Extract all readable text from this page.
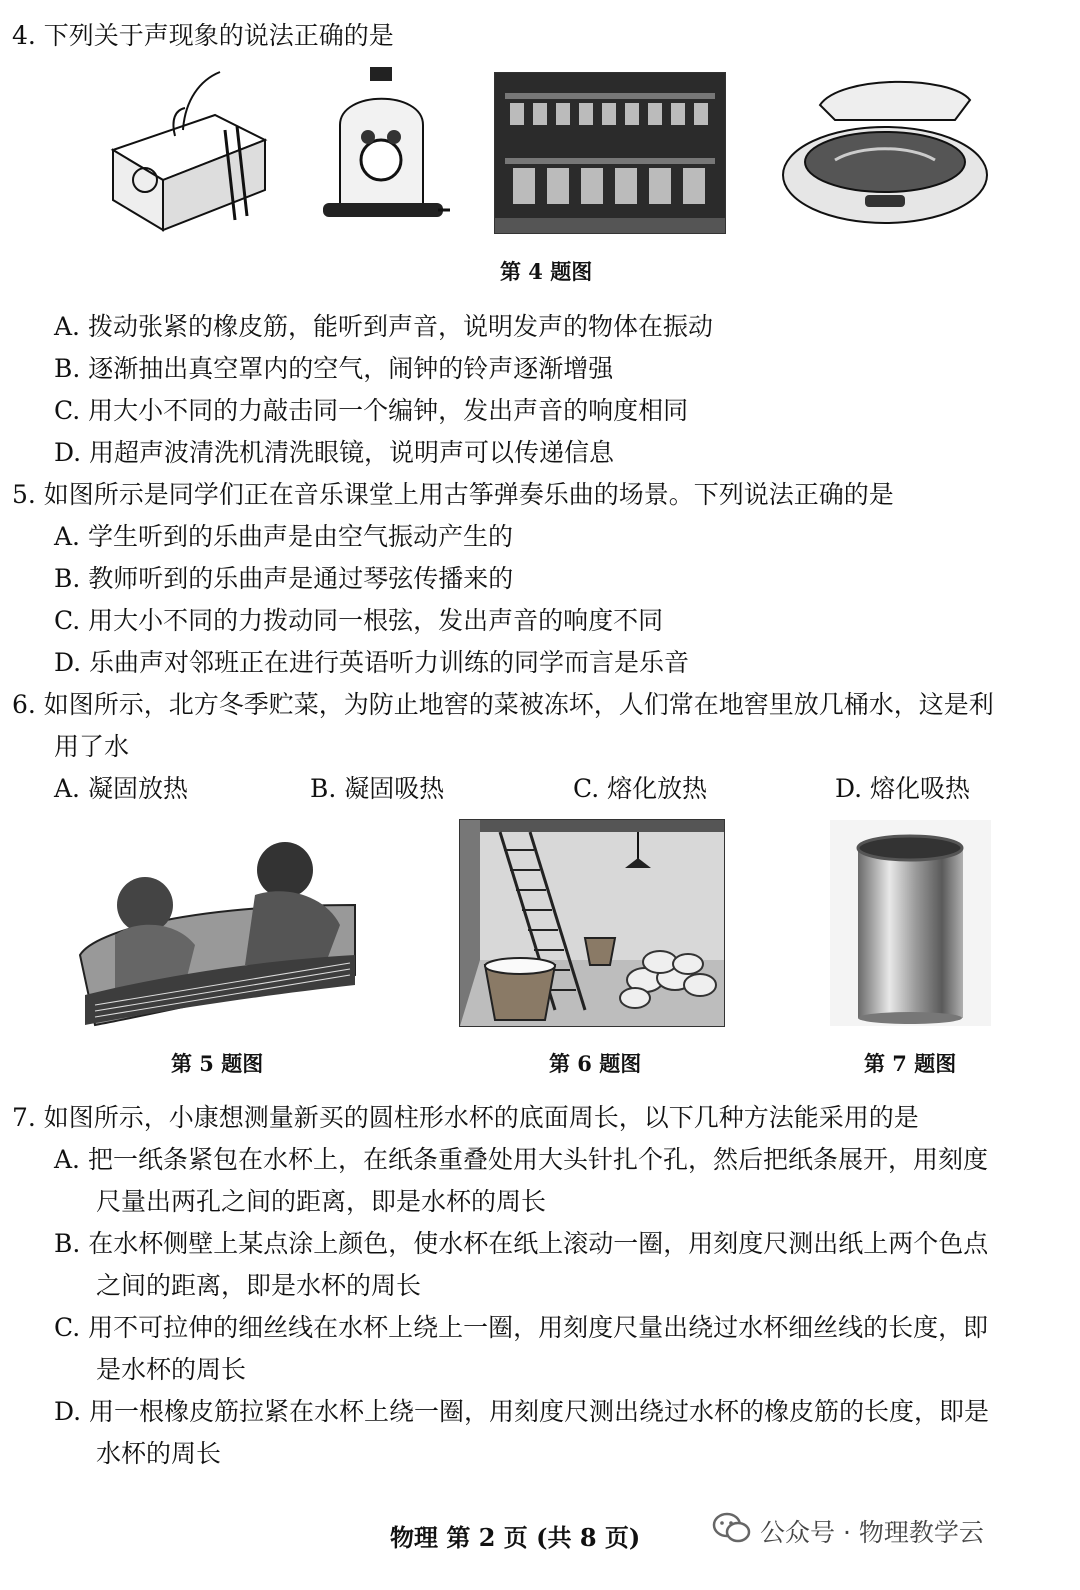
4. 下列关于声现象的说法正确的是
第 4 题图
A. 拨动张紧的橡皮筋，能听到声音，说明发声的物体在振动
B. 逐渐抽出真空罩内的空气，闹钟的铃声逐渐增强
C. 用大小不同的力敲击同一个编钟，发出声音的响度相同
D. 用超声波清洗机清洗眼镜，说明声可以传递信息
5. 如图所示是同学们正在音乐课堂上用古筝弹奏乐曲的场景。下列说法正确的是
A. 学生听到的乐曲声是由空气振动产生的
B. 教师听到的乐曲声是通过琴弦传播来的
C. 用大小不同的力拨动同一根弦，发出声音的响度不同
D. 乐曲声对邻班正在进行英语听力训练的同学而言是乐音
6. 如图所示，北方冬季贮菜，为防止地窖的菜被冻坏，人们常在地窖里放几桶水，这是利
用了水
A. 凝固放热	B. 凝固吸热	C. 熔化放热	D. 熔化吸热
第 5 题图	第 6 题图	第 7 题图
7. 如图所示，小康想测量新买的圆柱形水杯的底面周长，以下几种方法能采用的是
A. 把一纸条紧包在水杯上，在纸条重叠处用大头针扎个孔，然后把纸条展开，用刻度
尺量出两孔之间的距离，即是水杯的周长
B. 在水杯侧壁上某点涂上颜色，使水杯在纸上滚动一圈，用刻度尺测出纸上两个色点
之间的距离，即是水杯的周长
C. 用不可拉伸的细丝线在水杯上绕上一圈，用刻度尺量出绕过水杯细丝线的长度，即
是水杯的周长
D. 用一根橡皮筋拉紧在水杯上绕一圈，用刻度尺测出绕过水杯的橡皮筋的长度，即是
水杯的周长
物理 第 2 页 (共 8 页)	公众号 · 物理教学云
